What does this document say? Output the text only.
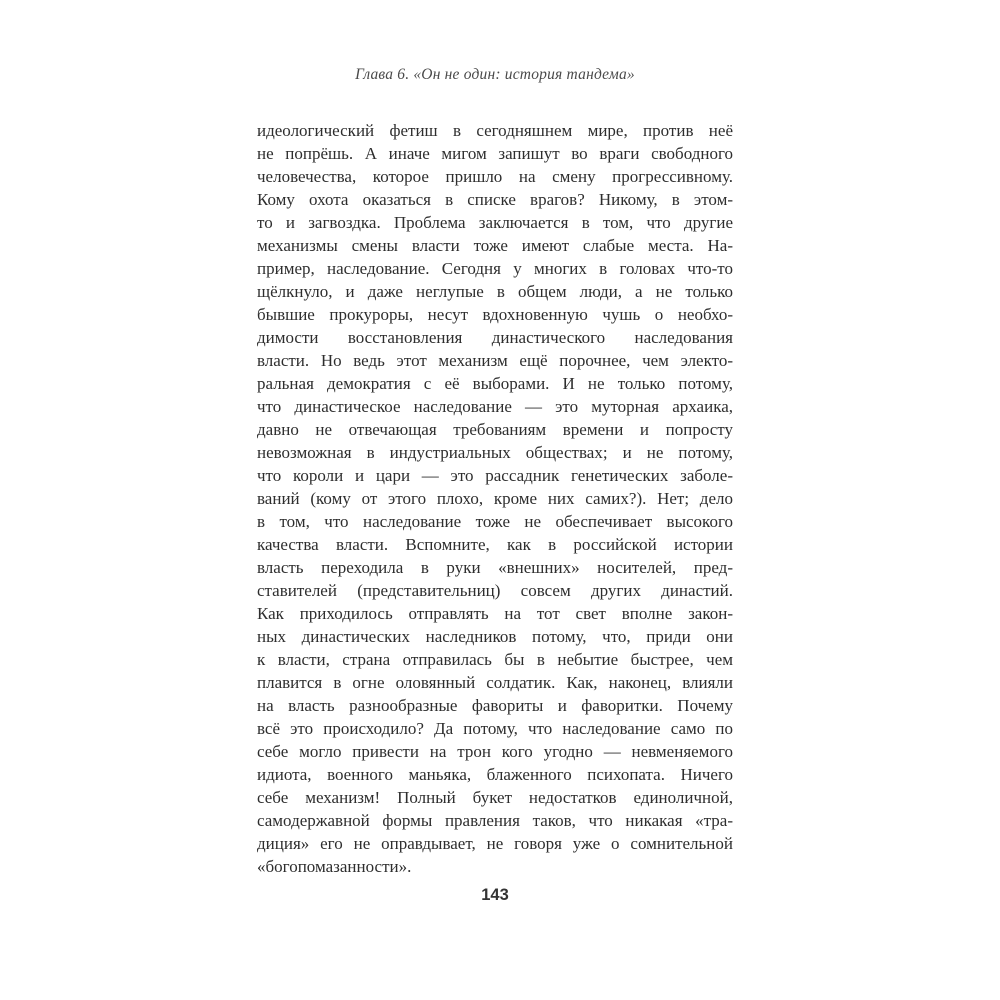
Глава 6. «Он не один: история тандема»
идеологический фетиш в сегодняшнем мире, против неё
не попрёшь. А иначе мигом запишут во враги свободного
человечества, которое пришло на смену прогрессивному.
Кому охота оказаться в списке врагов? Никому, в этом-
то и загвоздка. Проблема заключается в том, что другие
механизмы смены власти тоже имеют слабые места. На-
пример, наследование. Сегодня у многих в головах что-то
щёлкнуло, и даже неглупые в общем люди, а не только
бывшие прокуроры, несут вдохновенную чушь о необхо-
димости восстановления династического наследования
власти. Но ведь этот механизм ещё порочнее, чем электо-
ральная демократия с её выборами. И не только потому,
что династическое наследование — это муторная архаика,
давно не отвечающая требованиям времени и попросту
невозможная в индустриальных обществах; и не потому,
что короли и цари — это рассадник генетических заболе-
ваний (кому от этого плохо, кроме них самих?). Нет; дело
в том, что наследование тоже не обеспечивает высокого
качества власти. Вспомните, как в российской истории
власть переходила в руки «внешних» носителей, пред-
ставителей (представительниц) совсем других династий.
Как приходилось отправлять на тот свет вполне закон-
ных династических наследников потому, что, приди они
к власти, страна отправилась бы в небытие быстрее, чем
плавится в огне оловянный солдатик. Как, наконец, влияли
на власть разнообразные фавориты и фаворитки. Почему
всё это происходило? Да потому, что наследование само по
себе могло привести на трон кого угодно — невменяемого
идиота, военного маньяка, блаженного психопата. Ничего
себе механизм! Полный букет недостатков единоличной,
самодержавной формы правления таков, что никакая «тра-
диция» его не оправдывает, не говоря уже о сомнительной
«богопомазанности».
143
